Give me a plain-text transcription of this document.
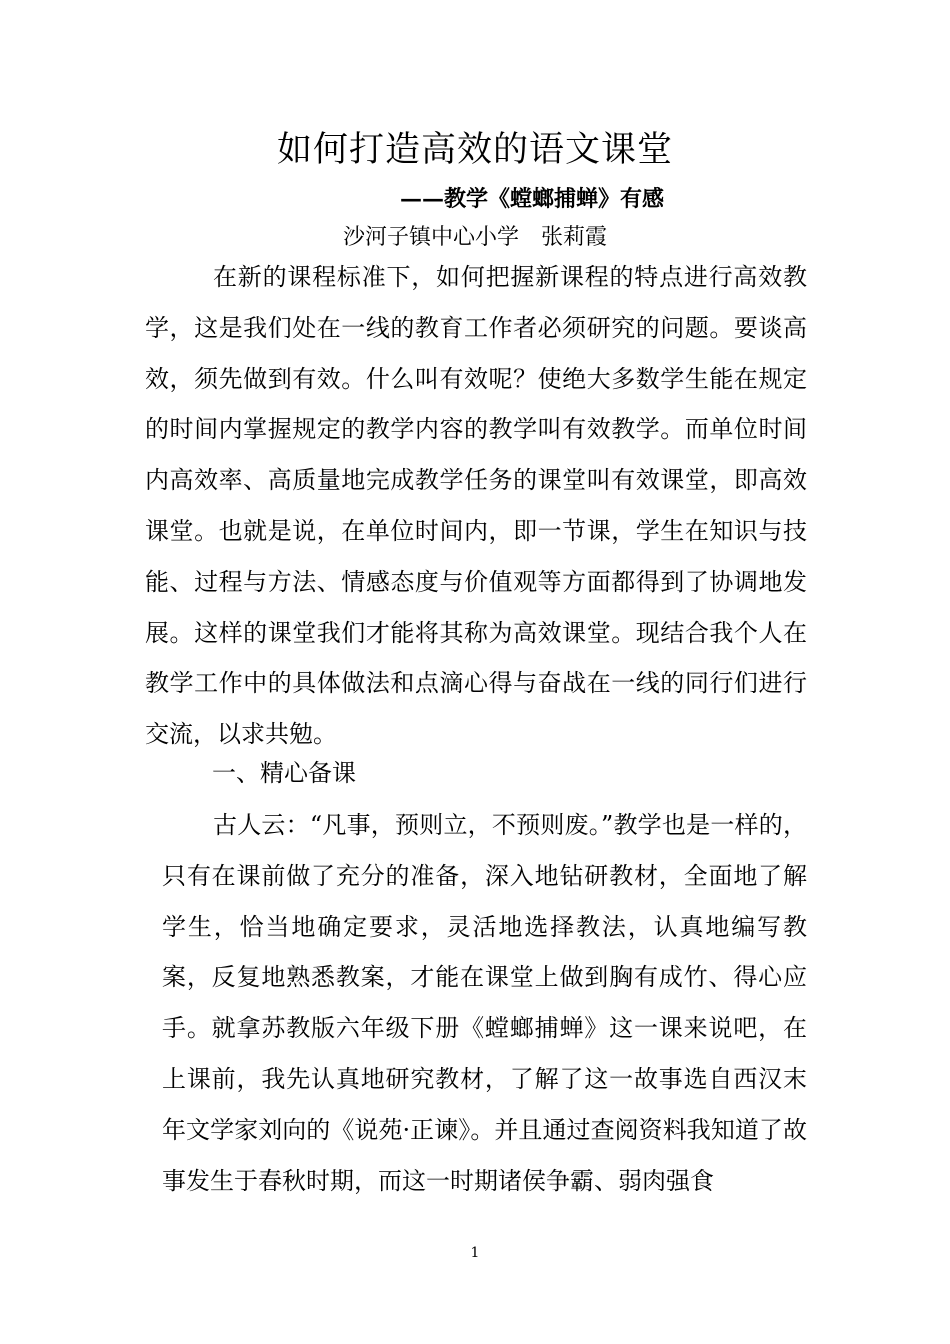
如何打造高效的语文课堂
——教学《螳螂捕蝉》有感
沙河子镇中心小学 张莉霞

在新的课程标准下，如何把握新课程的特点进行高效教学，这是我们处在一线的教育工作者必须研究的问题。要谈高效，须先做到有效。什么叫有效呢？使绝大多数学生能在规定的时间内掌握规定的教学内容的教学叫有效教学。而单位时间内高效率、高质量地完成教学任务的课堂叫有效课堂，即高效课堂。也就是说，在单位时间内，即一节课，学生在知识与技能、过程与方法、情感态度与价值观等方面都得到了协调地发展。这样的课堂我们才能将其称为高效课堂。现结合我个人在教学工作中的具体做法和点滴心得与奋战在一线的同行们进行交流，以求共勉。

一、精心备课

古人云：“凡事，预则立，不预则废。”教学也是一样的，只有在课前做了充分的准备，深入地钻研教材，全面地了解学生，恰当地确定要求，灵活地选择教法，认真地编写教案，反复地熟悉教案，才能在课堂上做到胸有成竹、得心应手。就拿苏教版六年级下册《螳螂捕蝉》这一课来说吧，在上课前，我先认真地研究教材，了解了这一故事选自西汉末年文学家刘向的《说苑·正谏》。并且通过查阅资料我知道了故事发生于春秋时期，而这一时期诸侯争霸、弱肉强食

1
